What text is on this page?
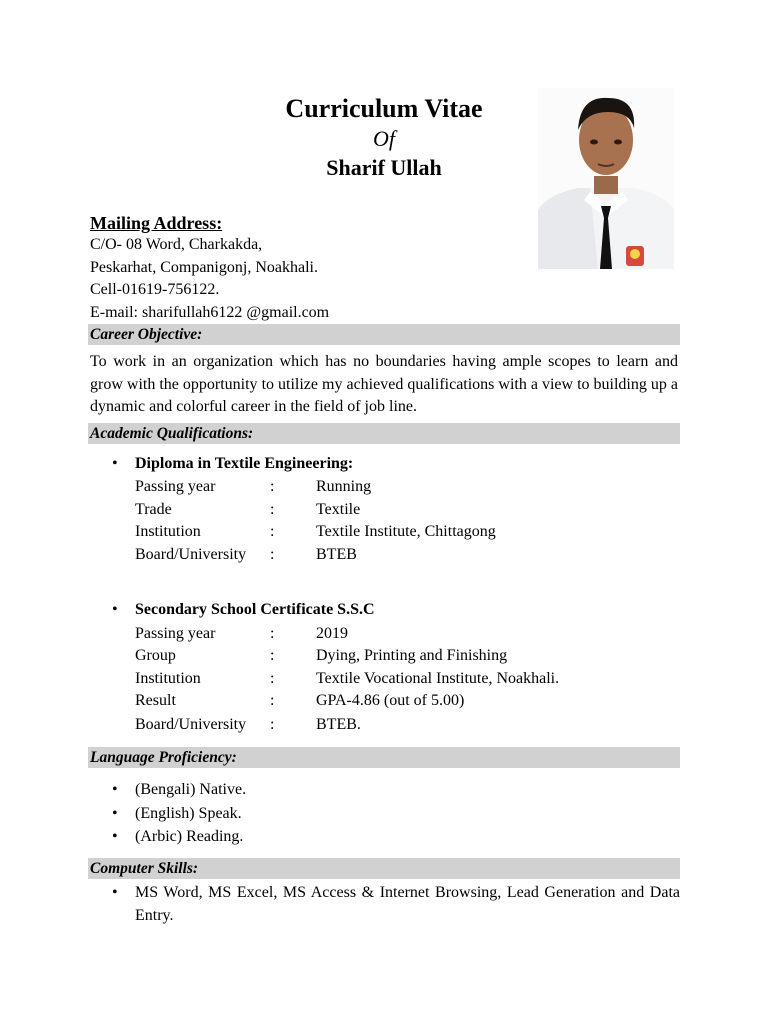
Curriculum Vitae
Of
Sharif Ullah
Mailing Address:
C/O- 08 Word, Charkakda,
Peskarhat, Companigonj, Noakhali.
Cell-01619-756122.
E-mail: sharifullah6122 @gmail.com
Career Objective:
To work in an organization which has no boundaries having ample scopes to learn and grow with the opportunity to utilize my achieved qualifications with a view to building up a dynamic and colorful career in the field of job line.
Academic Qualifications:
•	Diploma in Textile Engineering:
Passing year	:	Running
Trade	:	Textile
Institution	:	Textile Institute, Chittagong
Board/University :	BTEB
•	Secondary School Certificate S.S.C
Passing year	:	2019
Group	:	Dying, Printing and Finishing
Institution	:	Textile Vocational Institute, Noakhali.
Result	:	GPA-4.86 (out of 5.00)
Board/University :	BTEB.
Language Proficiency:
•	(Bengali) Native.
•	(English) Speak.
•	(Arbic) Reading.
Computer Skills:
• MS Word, MS Excel, MS Access & Internet Browsing, Lead Generation and Data Entry.
